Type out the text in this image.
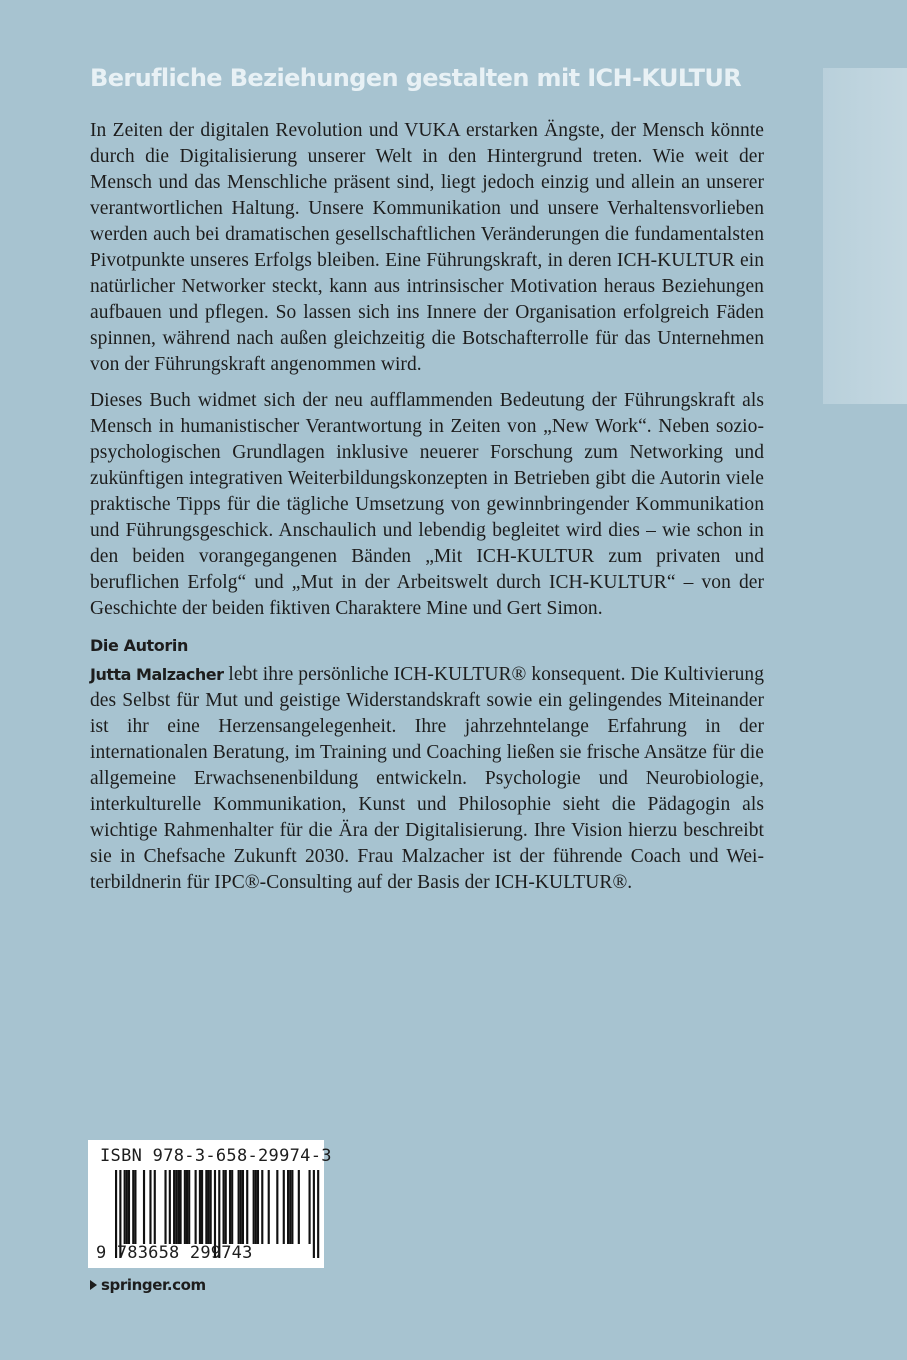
Berufliche Beziehungen gestalten mit ICH-KULTUR

In Zeiten der digitalen Revolution und VUKA erstarken Ängste, der Mensch könnte durch die Digitalisierung unserer Welt in den Hintergrund treten. Wie weit der Mensch und das Menschliche präsent sind, liegt jedoch einzig und allein an unserer verantwortlichen Haltung. Unsere Kommunikation und unsere Verhaltensvorlieben werden auch bei dramatischen gesellschaftlichen Veränderungen die fundamentalsten Pivotpunkte unseres Erfolgs bleiben. Eine Führungskraft, in deren ICH-KULTUR ein natürlicher Networker steckt, kann aus intrinsischer Motivation heraus Beziehungen aufbauen und pflegen. So lassen sich ins Innere der Organisation erfolgreich Fäden spinnen, während nach außen gleichzeitig die Botschafterrolle für das Unternehmen von der Führungskraft angenommen wird.

Dieses Buch widmet sich der neu aufflammenden Bedeutung der Führungskraft als Mensch in humanistischer Verantwortung in Zeiten von „New Work“. Neben sozio-psychologischen Grundlagen inklusive neuerer Forschung zum Networking und zukünftigen integrativen Weiterbildungskonzepten in Betrieben gibt die Autorin viele praktische Tipps für die tägliche Umsetzung von gewinnbringender Kommunikation und Führungsgeschick. Anschaulich und lebendig begleitet wird dies – wie schon in den beiden vorangegangenen Bänden „Mit ICH-KULTUR zum privaten und beruflichen Erfolg“ und „Mut in der Arbeitswelt durch ICH-KULTUR“ – von der Geschichte der beiden fiktiven Charaktere Mine und Gert Simon.

Die Autorin

Jutta Malzacher lebt ihre persönliche ICH-KULTUR® konsequent. Die Kultivierung des Selbst für Mut und geistige Widerstandskraft sowie ein gelingendes Miteinander ist ihr eine Herzensangelegenheit. Ihre jahrzehntelange Erfahrung in der internationalen Beratung, im Training und Coaching ließen sie frische Ansätze für die allgemeine Erwachsenenbildung entwickeln. Psychologie und Neurobiologie, interkulturelle Kommunikation, Kunst und Philosophie sieht die Pädagogin als wichtige Rahmenhalter für die Ära der Digitalisierung. Ihre Vision hierzu beschreibt sie in Chefsache Zukunft 2030. Frau Malzacher ist der führende Coach und Weiterbildnerin für IPC®-Consulting auf der Basis der ICH-KULTUR®.

ISBN 978-3-658-29974-3
9 783658 299743
springer.com
